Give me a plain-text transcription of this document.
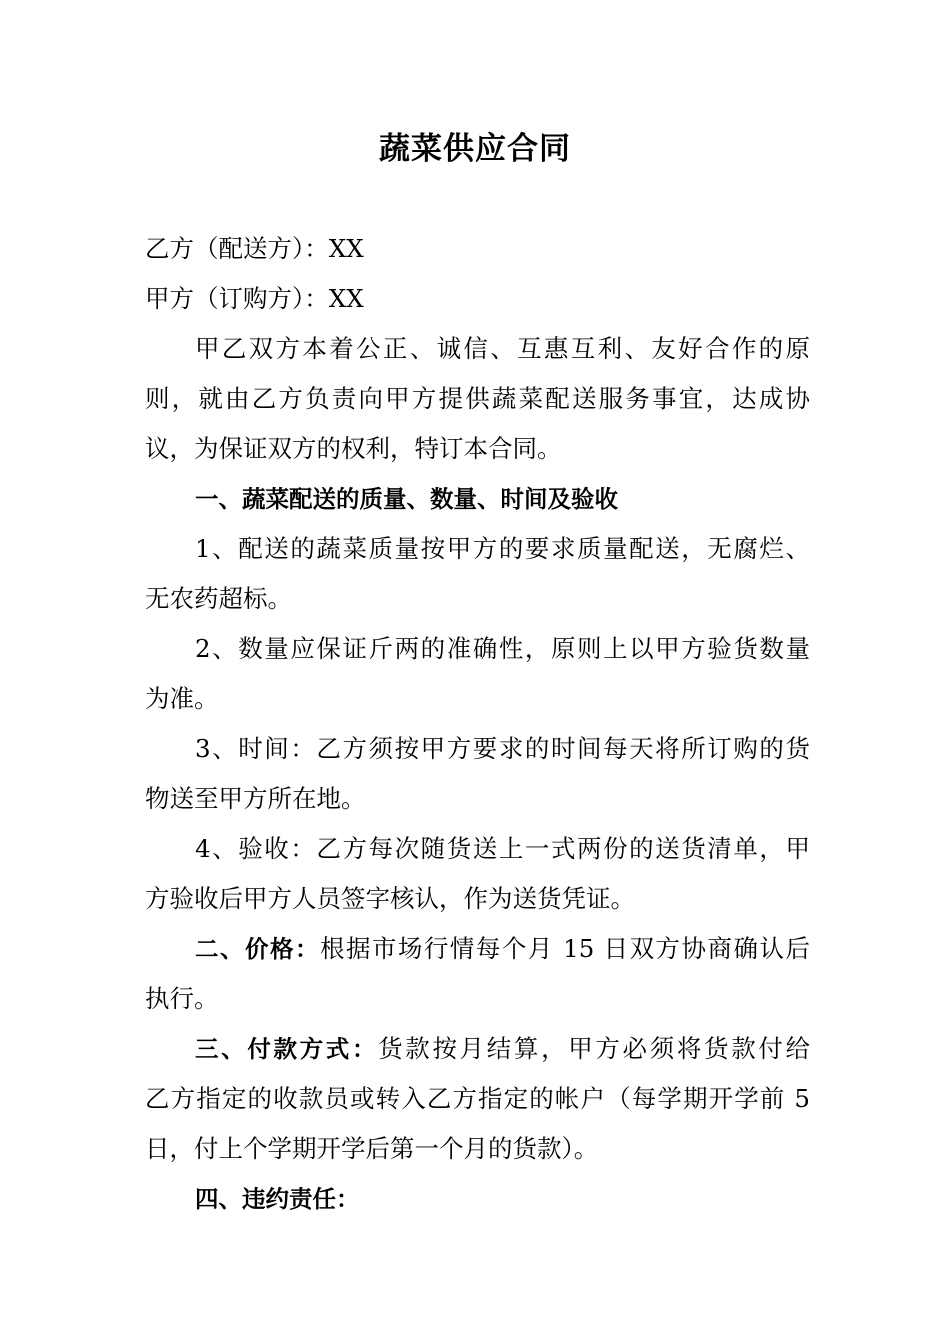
蔬菜供应合同
乙方（配送方）：XX
甲方（订购方）：XX
甲乙双方本着公正、诚信、互惠互利、友好合作的原
则，就由乙方负责向甲方提供蔬菜配送服务事宜，达成协
议，为保证双方的权利，特订本合同。
一、蔬菜配送的质量、数量、时间及验收
1、配送的蔬菜质量按甲方的要求质量配送，无腐烂、
无农药超标。
2、数量应保证斤两的准确性，原则上以甲方验货数量
为准。
3、时间：乙方须按甲方要求的时间每天将所订购的货
物送至甲方所在地。
4、验收：乙方每次随货送上一式两份的送货清单，甲
方验收后甲方人员签字核认，作为送货凭证。
二、价格：根据市场行情每个月 15 日双方协商确认后
执行。
三、付款方式：货款按月结算，甲方必须将货款付给
乙方指定的收款员或转入乙方指定的帐户（每学期开学前 5
日，付上个学期开学后第一个月的货款）。
四、违约责任：
